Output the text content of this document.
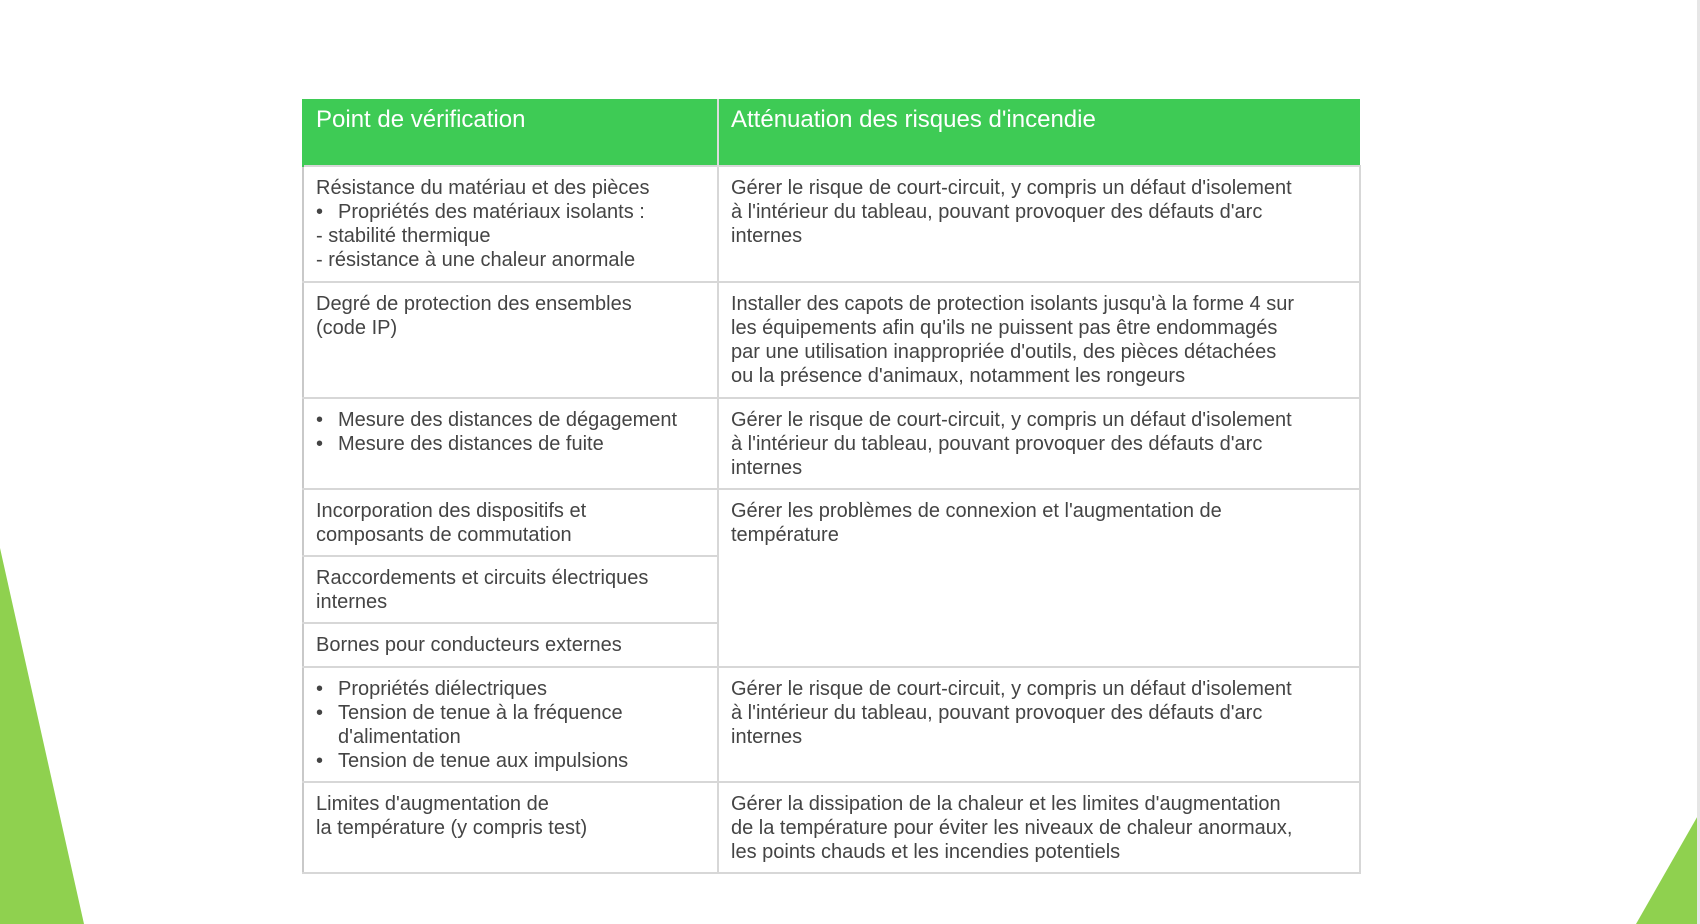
Point de vérification	Atténuation des risques d'incendie

Résistance du matériau et des pièces
• Propriétés des matériaux isolants :
- stabilité thermique
- résistance à une chaleur anormale	Gérer le risque de court-circuit, y compris un défaut d'isolement
à l'intérieur du tableau, pouvant provoquer des défauts d'arc
internes

Degré de protection des ensembles
(code IP)	Installer des capots de protection isolants jusqu'à la forme 4 sur
les équipements afin qu'ils ne puissent pas être endommagés
par une utilisation inappropriée d'outils, des pièces détachées
ou la présence d'animaux, notamment les rongeurs

• Mesure des distances de dégagement
• Mesure des distances de fuite	Gérer le risque de court-circuit, y compris un défaut d'isolement
à l'intérieur du tableau, pouvant provoquer des défauts d'arc
internes

Incorporation des dispositifs et
composants de commutation	Gérer les problèmes de connexion et l'augmentation de
température

Raccordements et circuits électriques
internes	

Bornes pour conducteurs externes	

• Propriétés diélectriques
• Tension de tenue à la fréquence d'alimentation
• Tension de tenue aux impulsions	Gérer le risque de court-circuit, y compris un défaut d'isolement
à l'intérieur du tableau, pouvant provoquer des défauts d'arc
internes

Limites d'augmentation de
la température (y compris test)	Gérer la dissipation de la chaleur et les limites d'augmentation
de la température pour éviter les niveaux de chaleur anormaux,
les points chauds et les incendies potentiels
